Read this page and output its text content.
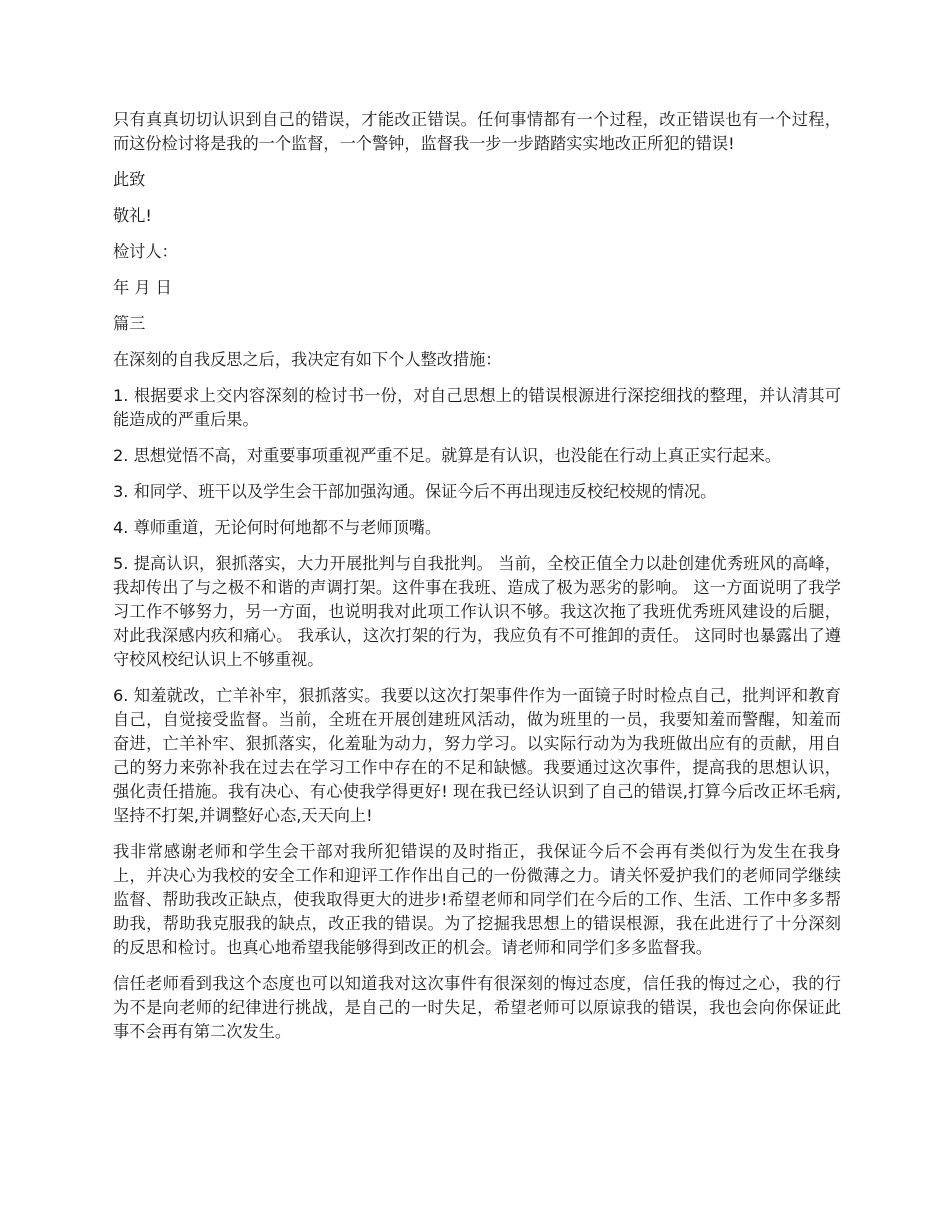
只有真真切切认识到自己的错误，才能改正错误。任何事情都有一个过程，改正错误也有一个过程，而这份检讨将是我的一个监督，一个警钟，监督我一步一步踏踏实实地改正所犯的错误!

此致

敬礼!

检讨人：

年 月 日

篇三

在深刻的自我反思之后，我决定有如下个人整改措施：

1. 根据要求上交内容深刻的检讨书一份，对自己思想上的错误根源进行深挖细找的整理，并认清其可能造成的严重后果。

2. 思想觉悟不高，对重要事项重视严重不足。就算是有认识，也没能在行动上真正实行起来。

3. 和同学、班干以及学生会干部加强沟通。保证今后不再出现违反校纪校规的情况。

4. 尊师重道，无论何时何地都不与老师顶嘴。

5. 提高认识，狠抓落实，大力开展批判与自我批判。 当前，全校正值全力以赴创建优秀班风的高峰，我却传出了与之极不和谐的声调打架。这件事在我班、造成了极为恶劣的影响。 这一方面说明了我学习工作不够努力，另一方面，也说明我对此项工作认识不够。我这次拖了我班优秀班风建设的后腿，对此我深感内疚和痛心。 我承认，这次打架的行为，我应负有不可推卸的责任。 这同时也暴露出了遵守校风校纪认识上不够重视。

6. 知羞就改，亡羊补牢，狠抓落实。我要以这次打架事件作为一面镜子时时检点自己，批判评和教育自己，自觉接受监督。当前，全班在开展创建班风活动，做为班里的一员，我要知羞而警醒，知羞而奋进，亡羊补牢、狠抓落实，化羞耻为动力，努力学习。以实际行动为为我班做出应有的贡献，用自己的努力来弥补我在过去在学习工作中存在的不足和缺憾。我要通过这次事件，提高我的思想认识，强化责任措施。我有决心、有心使我学得更好! 现在我已经认识到了自己的错误,打算今后改正坏毛病,坚持不打架,并调整好心态,天天向上!

我非常感谢老师和学生会干部对我所犯错误的及时指正，我保证今后不会再有类似行为发生在我身上，并决心为我校的安全工作和迎评工作作出自己的一份微薄之力。请关怀爱护我们的老师同学继续监督、帮助我改正缺点，使我取得更大的进步!希望老师和同学们在今后的工作、生活、工作中多多帮助我，帮助我克服我的缺点，改正我的错误。为了挖掘我思想上的错误根源，我在此进行了十分深刻的反思和检讨。也真心地希望我能够得到改正的机会。请老师和同学们多多监督我。

信任老师看到我这个态度也可以知道我对这次事件有很深刻的悔过态度，信任我的悔过之心，我的行为不是向老师的纪律进行挑战，是自己的一时失足，希望老师可以原谅我的错误，我也会向你保证此事不会再有第二次发生。
